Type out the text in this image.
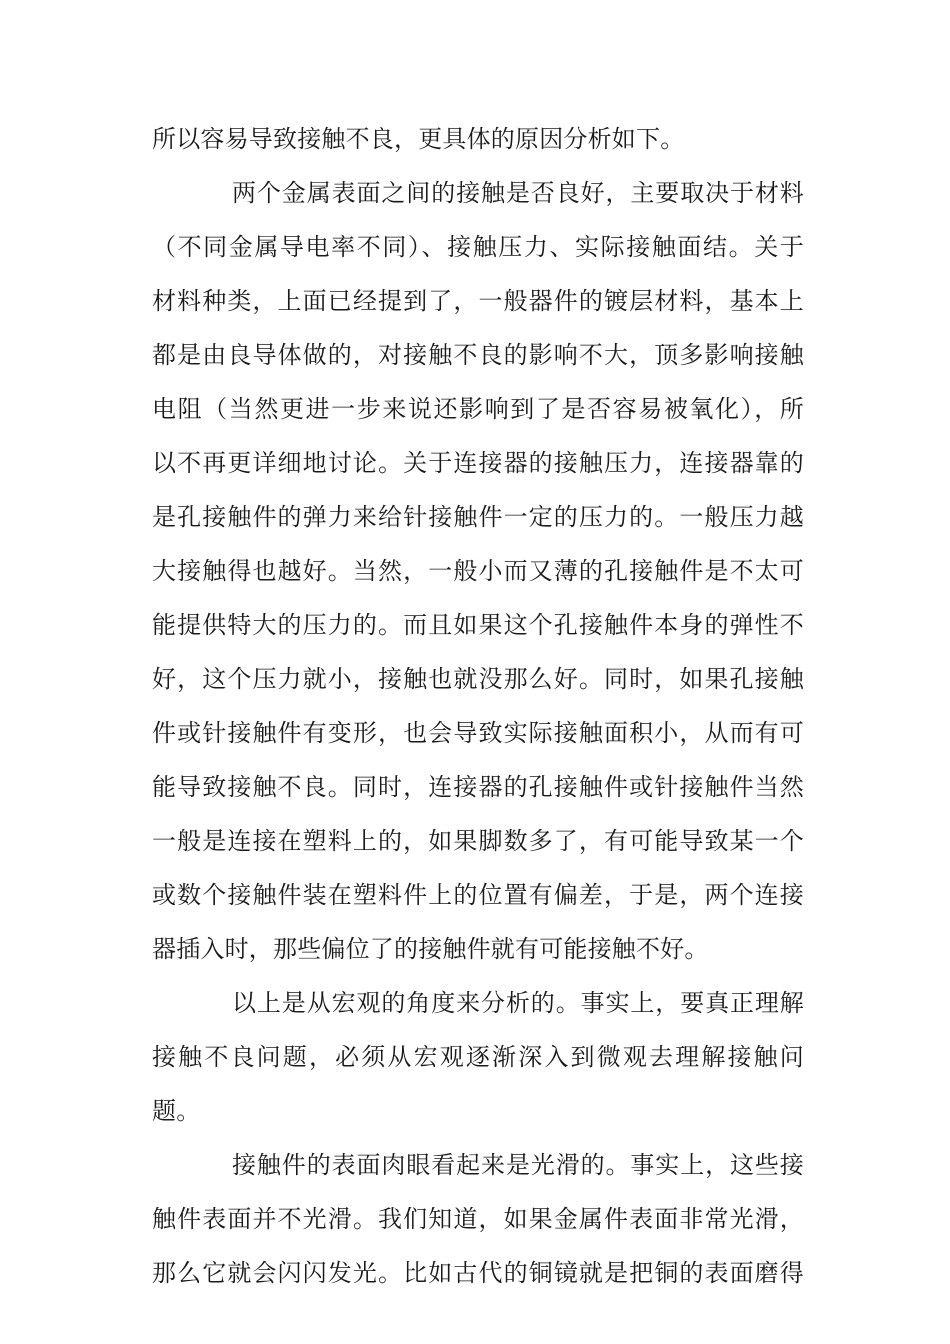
所以容易导致接触不良，更具体的原因分析如下。
两个金属表面之间的接触是否良好，主要取决于材料
（不同金属导电率不同）、接触压力、实际接触面结。关于
材料种类，上面已经提到了，一般器件的镀层材料，基本上
都是由良导体做的，对接触不良的影响不大，顶多影响接触
电阻（当然更进一步来说还影响到了是否容易被氧化），所
以不再更详细地讨论。关于连接器的接触压力，连接器靠的
是孔接触件的弹力来给针接触件一定的压力的。一般压力越
大接触得也越好。当然，一般小而又薄的孔接触件是不太可
能提供特大的压力的。而且如果这个孔接触件本身的弹性不
好，这个压力就小，接触也就没那么好。同时，如果孔接触
件或针接触件有变形，也会导致实际接触面积小，从而有可
能导致接触不良。同时，连接器的孔接触件或针接触件当然
一般是连接在塑料上的，如果脚数多了，有可能导致某一个
或数个接触件装在塑料件上的位置有偏差，于是，两个连接
器插入时，那些偏位了的接触件就有可能接触不好。
以上是从宏观的角度来分析的。事实上，要真正理解
接触不良问题，必须从宏观逐渐深入到微观去理解接触问
题。
接触件的表面肉眼看起来是光滑的。事实上，这些接
触件表面并不光滑。我们知道，如果金属件表面非常光滑，
那么它就会闪闪发光。比如古代的铜镜就是把铜的表面磨得
